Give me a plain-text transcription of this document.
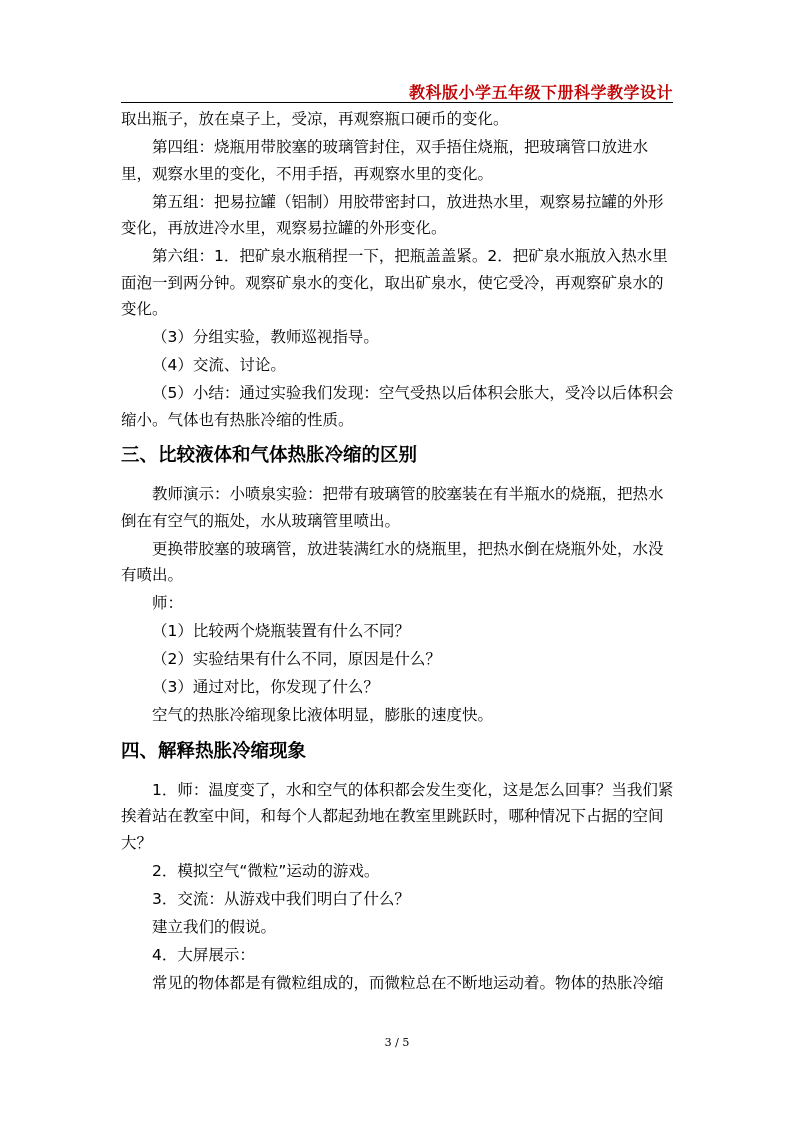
教科版小学五年级下册科学教学设计

取出瓶子，放在桌子上，受凉，再观察瓶口硬币的变化。

第四组：烧瓶用带胶塞的玻璃管封住，双手捂住烧瓶，把玻璃管口放进水里，观察水里的变化，不用手捂，再观察水里的变化。

第五组：把易拉罐（铝制）用胶带密封口，放进热水里，观察易拉罐的外形变化，再放进冷水里，观察易拉罐的外形变化。

第六组：1．把矿泉水瓶稍捏一下，把瓶盖盖紧。2．把矿泉水瓶放入热水里面泡一到两分钟。观察矿泉水的变化，取出矿泉水，使它受冷，再观察矿泉水的变化。

（3）分组实验，教师巡视指导。

（4）交流、讨论。

（5）小结：通过实验我们发现：空气受热以后体积会胀大，受冷以后体积会缩小。气体也有热胀冷缩的性质。

三、比较液体和气体热胀冷缩的区别

教师演示：小喷泉实验：把带有玻璃管的胶塞装在有半瓶水的烧瓶，把热水倒在有空气的瓶处，水从玻璃管里喷出。

更换带胶塞的玻璃管，放进装满红水的烧瓶里，把热水倒在烧瓶外处，水没有喷出。

师：

（1）比较两个烧瓶装置有什么不同？

（2）实验结果有什么不同，原因是什么？

（3）通过对比，你发现了什么？

空气的热胀冷缩现象比液体明显，膨胀的速度快。

四、解释热胀冷缩现象

1．师：温度变了，水和空气的体积都会发生变化，这是怎么回事？当我们紧挨着站在教室中间，和每个人都起劲地在教室里跳跃时，哪种情况下占据的空间大？

2．模拟空气“微粒”运动的游戏。

3．交流：从游戏中我们明白了什么？

建立我们的假说。

4．大屏展示：

常见的物体都是有微粒组成的，而微粒总在不断地运动着。物体的热胀冷缩

3 / 5
